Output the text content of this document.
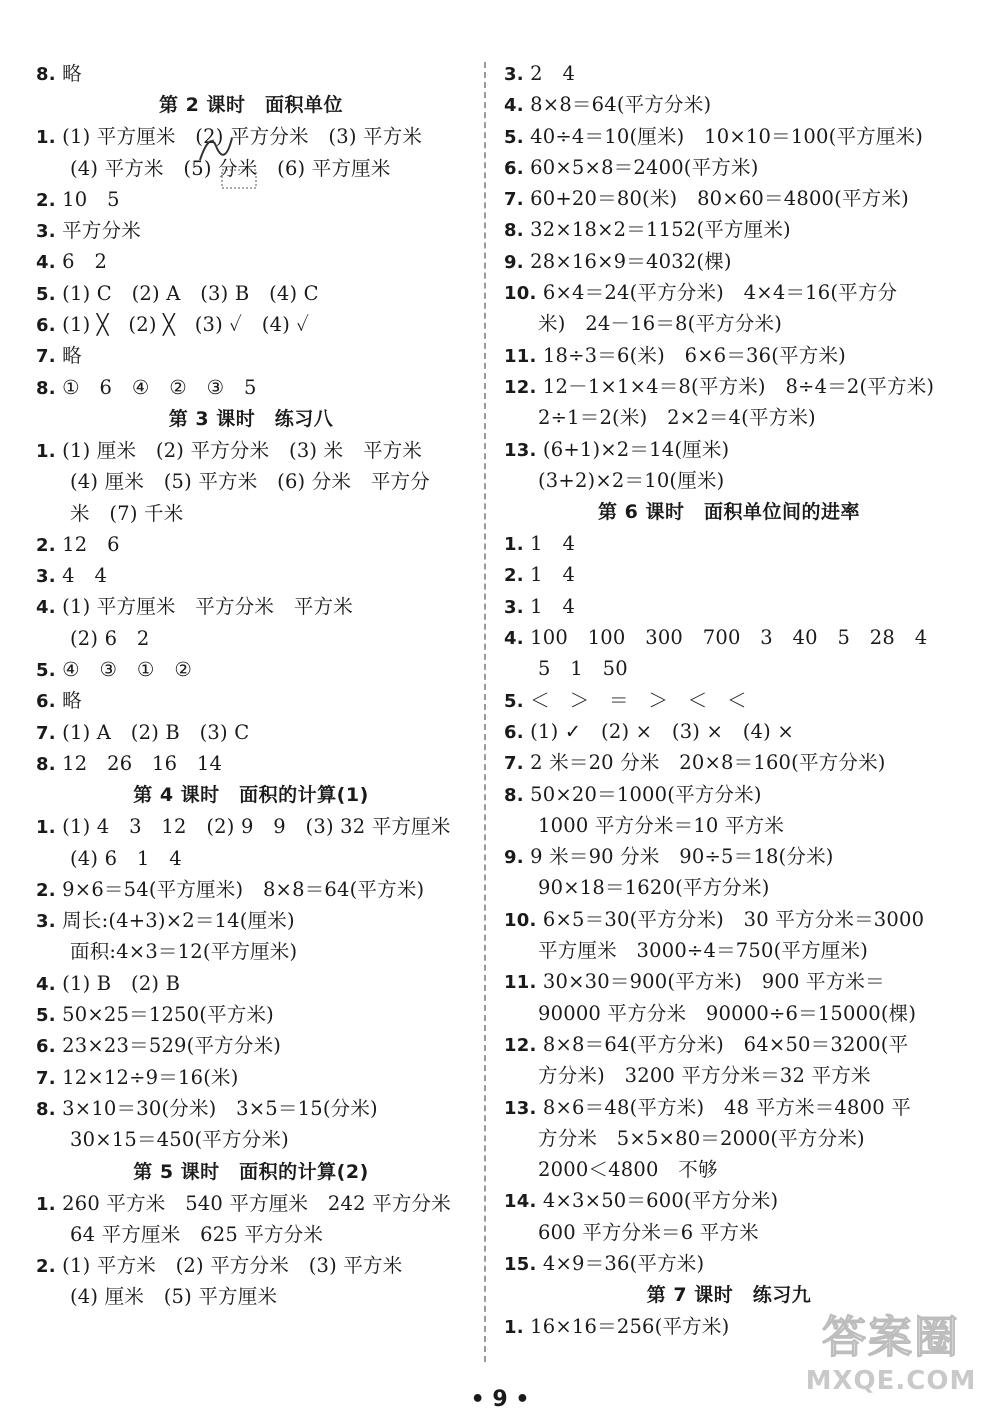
8. 略
第 2 课时　面积单位
1. (1) 平方厘米　(2) 平方分米　(3) 平方米
(4) 平方米　(5) 分米　(6) 平方厘米
2. 10　5
3. 平方分米
4. 6　2
5. (1) C　(2) A　(3) B　(4) C
6. (1) ╳　(2) ╳　(3) ✓　(4) ✓
7. 略
8. ①　6　④　②　③　5
第 3 课时　练习八
1. (1) 厘米　(2) 平方分米　(3) 米　平方米
(4) 厘米　(5) 平方米　(6) 分米　平方分
米　(7) 千米
2. 12　6
3. 4　4
4. (1) 平方厘米　平方分米　平方米
(2) 6　2
5. ④　③　①　②
6. 略
7. (1) A　(2) B　(3) C
8. 12　26　16　14
第 4 课时　面积的计算(1)
1. (1) 4　3　12　(2) 9　9　(3) 32 平方厘米
(4) 6　1　4
2. 9×6＝54(平方厘米)　8×8＝64(平方米)
3. 周长:(4+3)×2＝14(厘米)
面积:4×3＝12(平方厘米)
4. (1) B　(2) B
5. 50×25＝1250(平方米)
6. 23×23＝529(平方分米)
7. 12×12÷9＝16(米)
8. 3×10＝30(分米)　3×5＝15(分米)
30×15＝450(平方分米)
第 5 课时　面积的计算(2)
1. 260 平方米　540 平方厘米　242 平方分米
64 平方厘米　625 平方分米
2. (1) 平方米　(2) 平方分米　(3) 平方米
(4) 厘米　(5) 平方厘米
3. 2　4
4. 8×8＝64(平方分米)
5. 40÷4＝10(厘米)　10×10＝100(平方厘米)
6. 60×5×8＝2400(平方米)
7. 60+20＝80(米)　80×60＝4800(平方米)
8. 32×18×2＝1152(平方厘米)
9. 28×16×9＝4032(棵)
10. 6×4＝24(平方分米)　4×4＝16(平方分
米)　24－16＝8(平方分米)
11. 18÷3＝6(米)　6×6＝36(平方米)
12. 12－1×1×4＝8(平方米)　8÷4＝2(平方米)
2÷1＝2(米)　2×2＝4(平方米)
13. (6+1)×2＝14(厘米)
(3+2)×2＝10(厘米)
第 6 课时　面积单位间的进率
1. 1　4
2. 1　4
3. 1　4
4. 100　100　300　700　3　40　5　28　4
5　1　50
5. ＜　＞　＝　＞　＜　＜
6. (1) ✓　(2) ×　(3) ×　(4) ×
7. 2 米＝20 分米　20×8＝160(平方分米)
8. 50×20＝1000(平方分米)
1000 平方分米＝10 平方米
9. 9 米＝90 分米　90÷5＝18(分米)
90×18＝1620(平方分米)
10. 6×5＝30(平方分米)　30 平方分米＝3000
平方厘米　3000÷4＝750(平方厘米)
11. 30×30＝900(平方米)　900 平方米＝
90000 平方分米　90000÷6＝15000(棵)
12. 8×8＝64(平方分米)　64×50＝3200(平
方分米)　3200 平方分米＝32 平方米
13. 8×6＝48(平方米)　48 平方米＝4800 平
方分米　5×5×80＝2000(平方分米)
2000＜4800　不够
14. 4×3×50＝600(平方分米)
600 平方分米＝6 平方米
15. 4×9＝36(平方米)
第 7 课时　练习九
1. 16×16＝256(平方米)
• 9 •
答案圈
MXQE.COM
